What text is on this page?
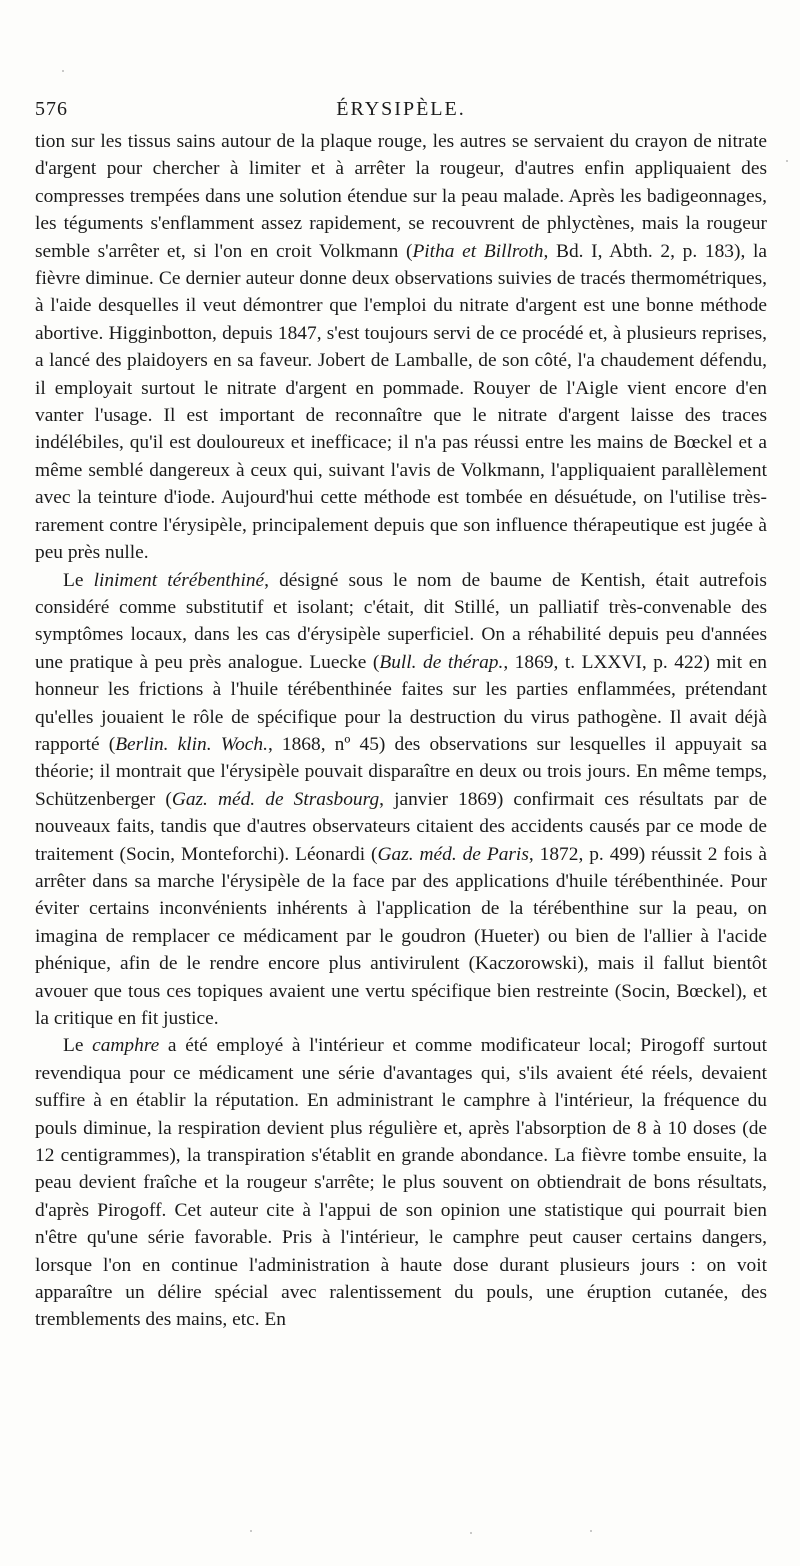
576	ÉRYSIPÈLE.

tion sur les tissus sains autour de la plaque rouge, les autres se servaient du crayon de nitrate d'argent pour chercher à limiter et à arrêter la rougeur, d'autres enfin appliquaient des compresses trempées dans une solution étendue sur la peau malade. Après les badigeonnages, les téguments s'enflamment assez rapidement, se recouvrent de phlyctènes, mais la rougeur semble s'arrêter et, si l'on en croit Volkmann (Pitha et Billroth, Bd. I, Abth. 2, p. 183), la fièvre diminue. Ce dernier auteur donne deux observations suivies de tracés thermométriques, à l'aide desquelles il veut démontrer que l'emploi du nitrate d'argent est une bonne méthode abortive. Higginbotton, depuis 1847, s'est toujours servi de ce procédé et, à plusieurs reprises, a lancé des plaidoyers en sa faveur. Jobert de Lamballe, de son côté, l'a chaudement défendu, il employait surtout le nitrate d'argent en pommade. Rouyer de l'Aigle vient encore d'en vanter l'usage. Il est important de reconnaître que le nitrate d'argent laisse des traces indélébiles, qu'il est douloureux et inefficace; il n'a pas réussi entre les mains de Bœckel et a même semblé dangereux à ceux qui, suivant l'avis de Volkmann, l'appliquaient parallèlement avec la teinture d'iode. Aujourd'hui cette méthode est tombée en désuétude, on l'utilise très-rarement contre l'érysipèle, principalement depuis que son influence thérapeutique est jugée à peu près nulle.

Le liniment térébenthiné, désigné sous le nom de baume de Kentish, était autrefois considéré comme substitutif et isolant; c'était, dit Stillé, un palliatif très-convenable des symptômes locaux, dans les cas d'érysipèle superficiel. On a réhabilité depuis peu d'années une pratique à peu près analogue. Luecke (Bull. de thérap., 1869, t. LXXVI, p. 422) mit en honneur les frictions à l'huile térébenthinée faites sur les parties enflammées, prétendant qu'elles jouaient le rôle de spécifique pour la destruction du virus pathogène. Il avait déjà rapporté (Berlin. klin. Woch., 1868, nº 45) des observations sur lesquelles il appuyait sa théorie; il montrait que l'érysipèle pouvait disparaître en deux ou trois jours. En même temps, Schützenberger (Gaz. méd. de Strasbourg, janvier 1869) confirmait ces résultats par de nouveaux faits, tandis que d'autres observateurs citaient des accidents causés par ce mode de traitement (Socin, Monteforchi). Léonardi (Gaz. méd. de Paris, 1872, p. 499) réussit 2 fois à arrêter dans sa marche l'érysipèle de la face par des applications d'huile térébenthinée. Pour éviter certains inconvénients inhérents à l'application de la térébenthine sur la peau, on imagina de remplacer ce médicament par le goudron (Hueter) ou bien de l'allier à l'acide phénique, afin de le rendre encore plus antivirulent (Kaczorowski), mais il fallut bientôt avouer que tous ces topiques avaient une vertu spécifique bien restreinte (Socin, Bœckel), et la critique en fit justice.

Le camphre a été employé à l'intérieur et comme modificateur local; Pirogoff surtout revendiqua pour ce médicament une série d'avantages qui, s'ils avaient été réels, devaient suffire à en établir la réputation. En administrant le camphre à l'intérieur, la fréquence du pouls diminue, la respiration devient plus régulière et, après l'absorption de 8 à 10 doses (de 12 centigrammes), la transpiration s'établit en grande abondance. La fièvre tombe ensuite, la peau devient fraîche et la rougeur s'arrête; le plus souvent on obtiendrait de bons résultats, d'après Pirogoff. Cet auteur cite à l'appui de son opinion une statistique qui pourrait bien n'être qu'une série favorable. Pris à l'intérieur, le camphre peut causer certains dangers, lorsque l'on en continue l'administration à haute dose durant plusieurs jours : on voit apparaître un délire spécial avec ralentissement du pouls, une éruption cutanée, des tremblements des mains, etc. En
